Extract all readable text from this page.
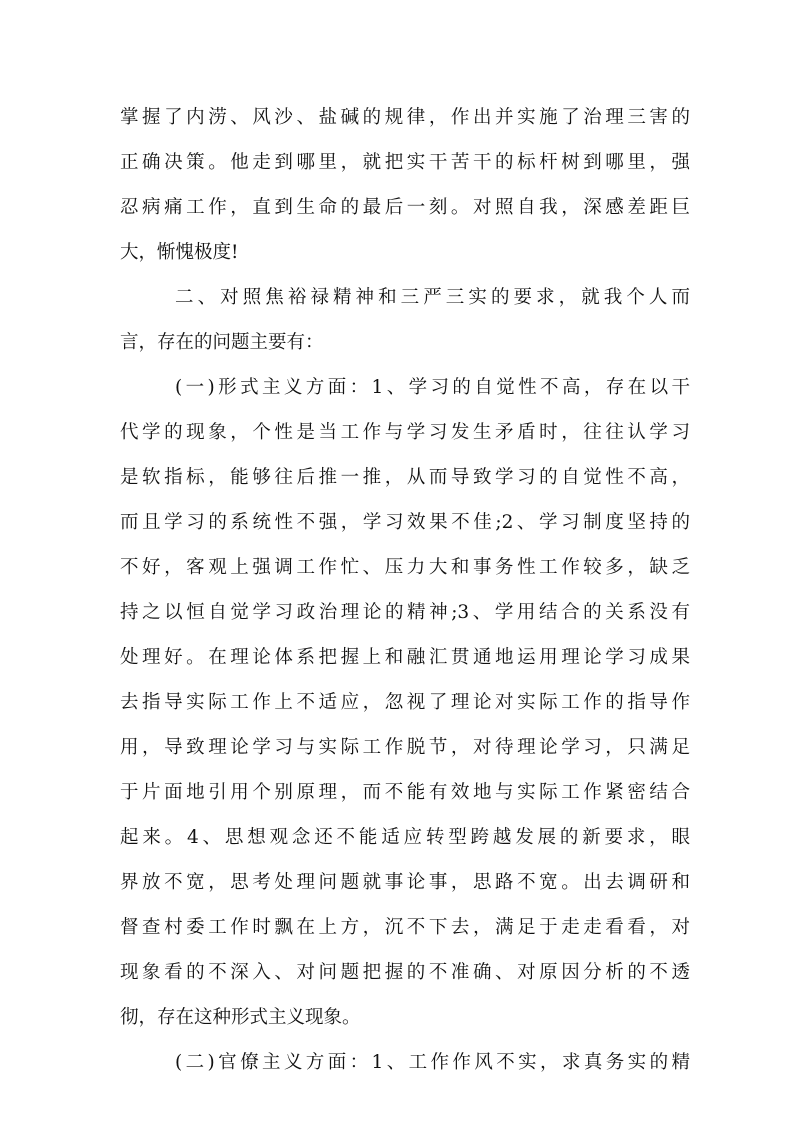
掌握了内涝、风沙、盐碱的规律，作出并实施了治理三害的
正确决策。他走到哪里，就把实干苦干的标杆树到哪里，强
忍病痛工作，直到生命的最后一刻。对照自我，深感差距巨
大，惭愧极度!
二、对照焦裕禄精神和三严三实的要求，就我个人而
言，存在的问题主要有：
(一)形式主义方面：1、学习的自觉性不高，存在以干
代学的现象，个性是当工作与学习发生矛盾时，往往认学习
是软指标，能够往后推一推，从而导致学习的自觉性不高，
而且学习的系统性不强，学习效果不佳;2、学习制度坚持的
不好，客观上强调工作忙、压力大和事务性工作较多，缺乏
持之以恒自觉学习政治理论的精神;3、学用结合的关系没有
处理好。在理论体系把握上和融汇贯通地运用理论学习成果
去指导实际工作上不适应，忽视了理论对实际工作的指导作
用，导致理论学习与实际工作脱节，对待理论学习，只满足
于片面地引用个别原理，而不能有效地与实际工作紧密结合
起来。4、思想观念还不能适应转型跨越发展的新要求，眼
界放不宽，思考处理问题就事论事，思路不宽。出去调研和
督查村委工作时飘在上方，沉不下去，满足于走走看看，对
现象看的不深入、对问题把握的不准确、对原因分析的不透
彻，存在这种形式主义现象。
(二)官僚主义方面：1、工作作风不实，求真务实的精
